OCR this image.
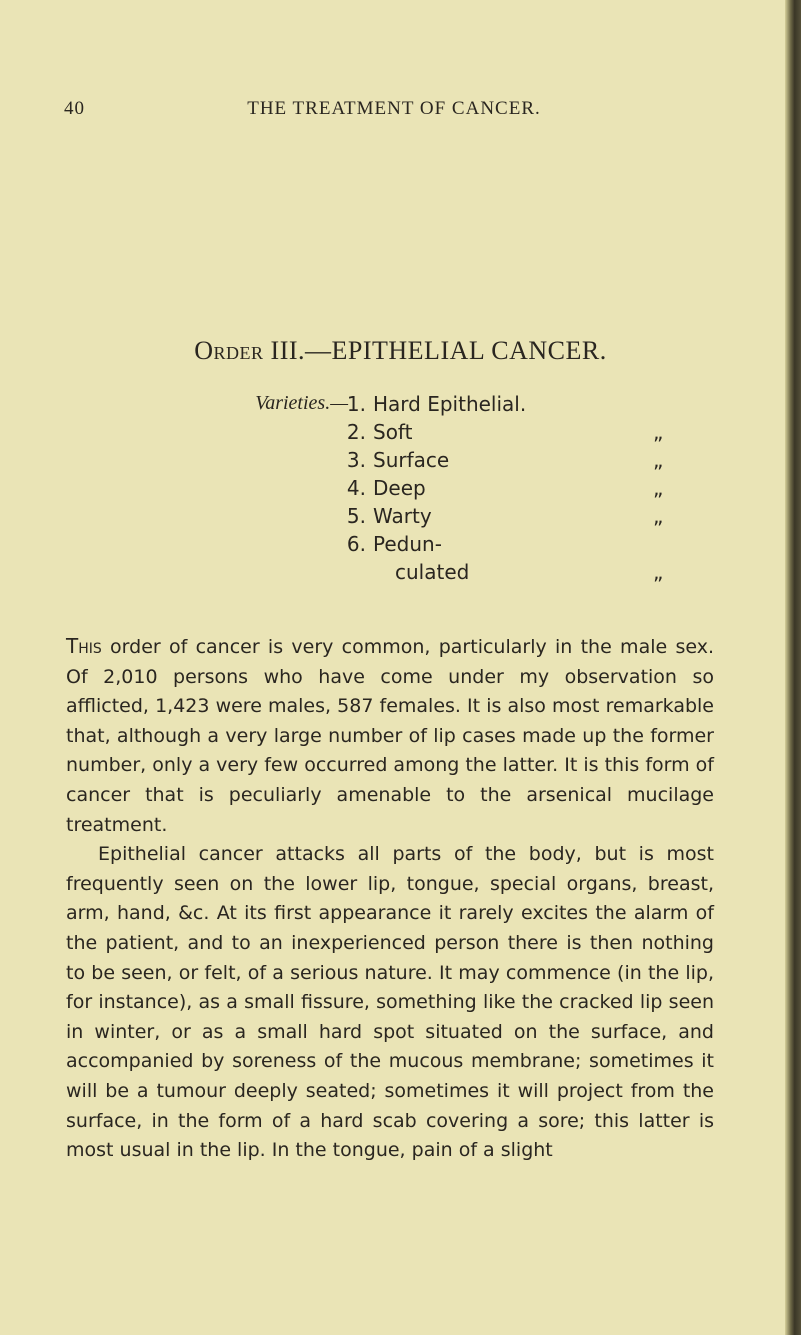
40	THE TREATMENT OF CANCER.
Order III.—EPITHELIAL CANCER.
Varieties.—
1. Hard Epithelial.
2. Soft	„
3. Surface	„
4. Deep	„
5. Warty	„
6. Pedun-
culated	„

This order of cancer is very common, particularly in the male sex. Of 2,010 persons who have come under my observation so afflicted, 1,423 were males, 587 females. It is also most remarkable that, although a very large number of lip cases made up the former number, only a very few occurred among the latter. It is this form of cancer that is peculiarly amenable to the arsenical mucilage treatment.

Epithelial cancer attacks all parts of the body, but is most frequently seen on the lower lip, tongue, special organs, breast, arm, hand, &c. At its first appearance it rarely excites the alarm of the patient, and to an inexperienced person there is then nothing to be seen, or felt, of a serious nature. It may commence (in the lip, for instance), as a small fissure, something like the cracked lip seen in winter, or as a small hard spot situated on the surface, and accompanied by soreness of the mucous membrane; sometimes it will be a tumour deeply seated; sometimes it will project from the surface, in the form of a hard scab covering a sore; this latter is most usual in the lip. In the tongue, pain of a slight
